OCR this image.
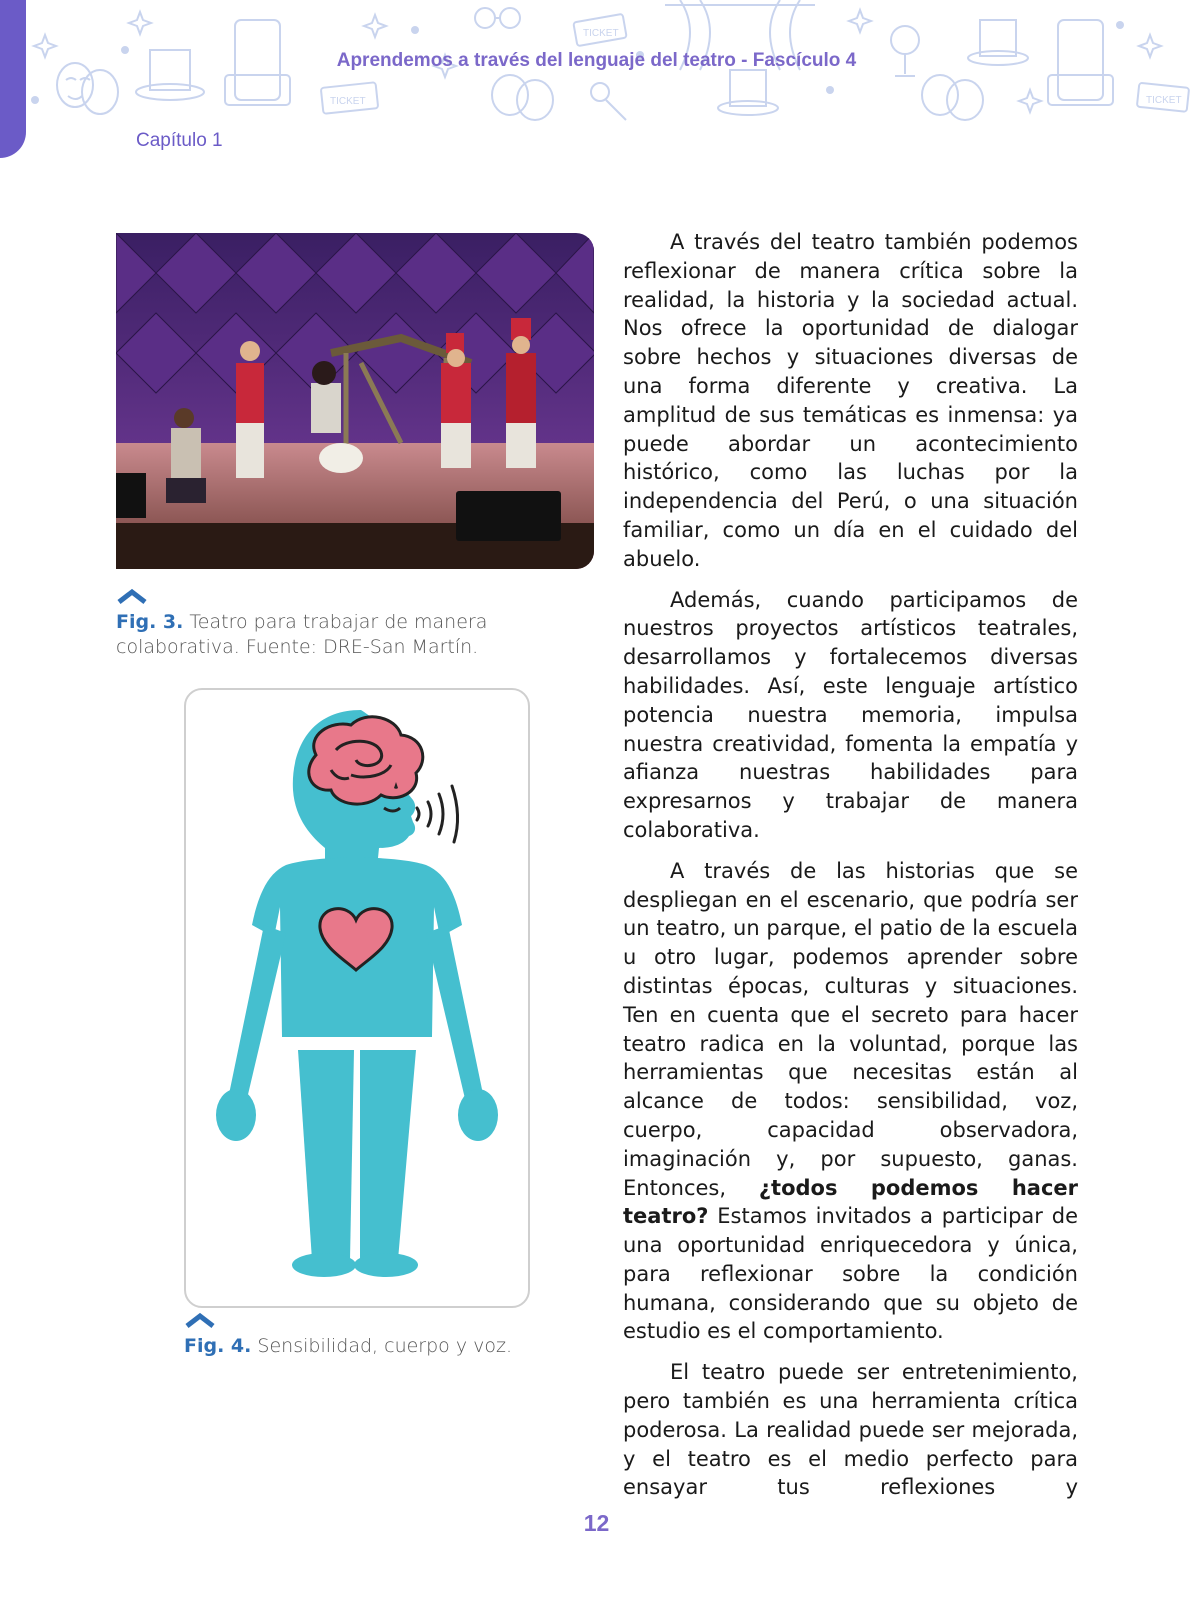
TICKET
TICKET
TICKET
Aprendemos a través del lenguaje del teatro - Fascículo 4
Capítulo 1
Fig. 3. Teatro para trabajar de manera colaborativa. Fuente: DRE-San Martín.
Fig. 4. Sensibilidad, cuerpo y voz.

A través del teatro también podemos reflexionar de manera crítica sobre la realidad, la historia y la sociedad actual. Nos ofrece la oportunidad de dialogar sobre hechos y situaciones diversas de una forma diferente y creativa. La amplitud de sus temáticas es inmensa: ya puede abordar un acontecimiento histórico, como las luchas por la independencia del Perú, o una situación familiar, como un día en el cuidado del abuelo.

Además, cuando participamos de nuestros proyectos artísticos teatrales, desarrollamos y fortalecemos diversas habilidades. Así, este lenguaje artístico potencia nuestra memoria, impulsa nuestra creatividad, fomenta la empatía y afianza nuestras habilidades para expresarnos y trabajar de manera colaborativa.

A través de las historias que se despliegan en el escenario, que podría ser un teatro, un parque, el patio de la escuela u otro lugar, podemos aprender sobre distintas épocas, culturas y situaciones. Ten en cuenta que el secreto para hacer teatro radica en la voluntad, porque las herramientas que necesitas están al alcance de todos: sensibilidad, voz, cuerpo, capacidad observadora, imaginación y, por supuesto, ganas. Entonces, ¿todos podemos hacer teatro? Estamos invitados a participar de una oportunidad enriquecedora y única, para reflexionar sobre la condición humana, considerando que su objeto de estudio es el comportamiento.

El teatro puede ser entretenimiento, pero también es una herramienta crítica poderosa. La realidad puede ser mejorada, y el teatro es el medio perfecto para ensayar tus reflexiones y

12
